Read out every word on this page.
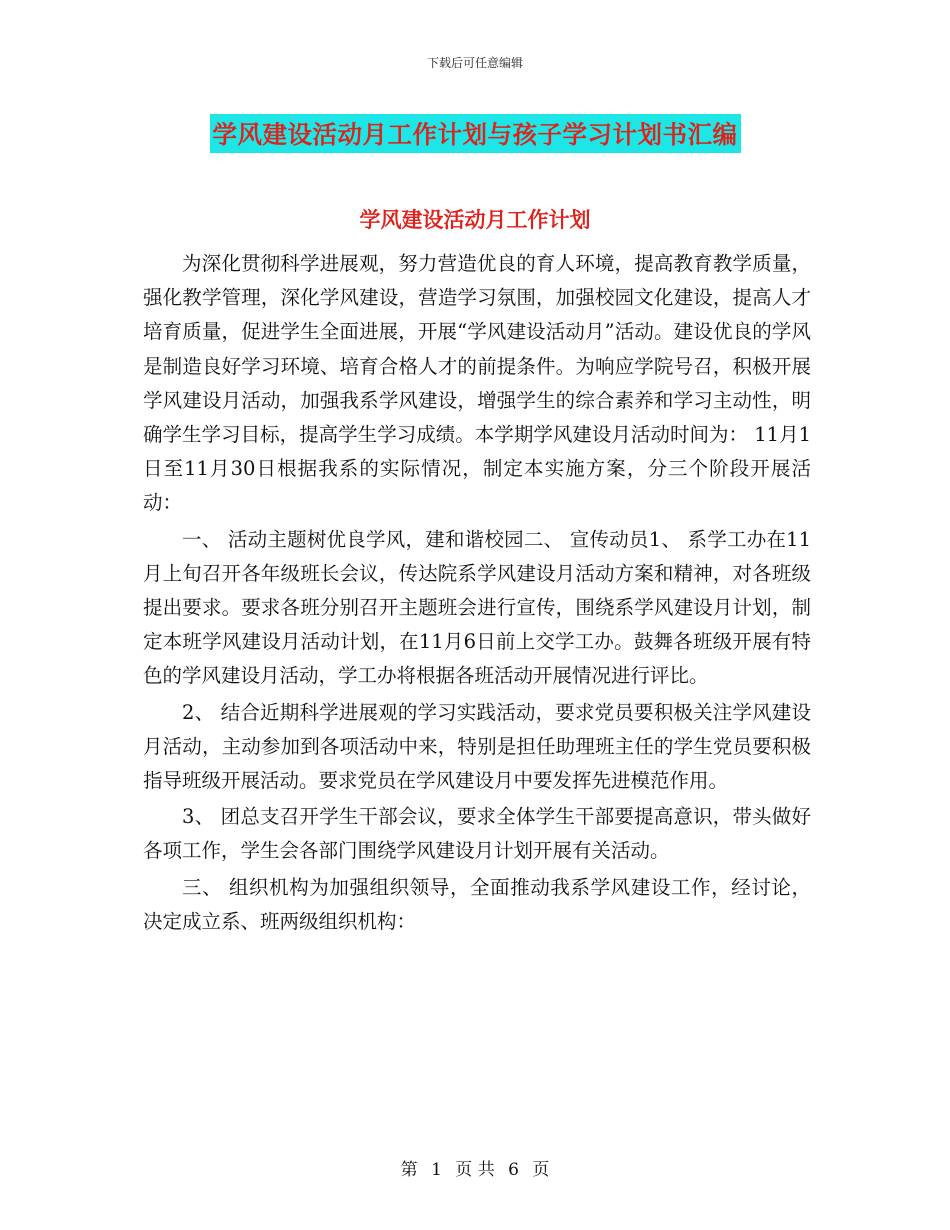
下载后可任意编辑
学风建设活动月工作计划与孩子学习计划书汇编
学风建设活动月工作计划

为深化贯彻科学进展观，努力营造优良的育人环境，提高教育教学质量，强化教学管理，深化学风建设，营造学习氛围，加强校园文化建设，提高人才培育质量，促进学生全面进展，开展“学风建设活动月”活动。建设优良的学风是制造良好学习环境、培育合格人才的前提条件。为响应学院号召，积极开展学风建设月活动，加强我系学风建设，增强学生的综合素养和学习主动性，明确学生学习目标，提高学生学习成绩。本学期学风建设月活动时间为： 11月1日至11月30日根据我系的实际情况，制定本实施方案，分三个阶段开展活动：

一、 活动主题树优良学风，建和谐校园二、 宣传动员1、 系学工办在11月上旬召开各年级班长会议，传达院系学风建设月活动方案和精神，对各班级提出要求。要求各班分别召开主题班会进行宣传，围绕系学风建设月计划，制定本班学风建设月活动计划，在11月6日前上交学工办。鼓舞各班级开展有特色的学风建设月活动，学工办将根据各班活动开展情况进行评比。

2、 结合近期科学进展观的学习实践活动，要求党员要积极关注学风建设月活动，主动参加到各项活动中来，特别是担任助理班主任的学生党员要积极指导班级开展活动。要求党员在学风建设月中要发挥先进模范作用。

3、 团总支召开学生干部会议，要求全体学生干部要提高意识，带头做好各项工作，学生会各部门围绕学风建设月计划开展有关活动。

三、 组织机构为加强组织领导，全面推动我系学风建设工作，经讨论，决定成立系、班两级组织机构：

第 1 页 共 6 页
